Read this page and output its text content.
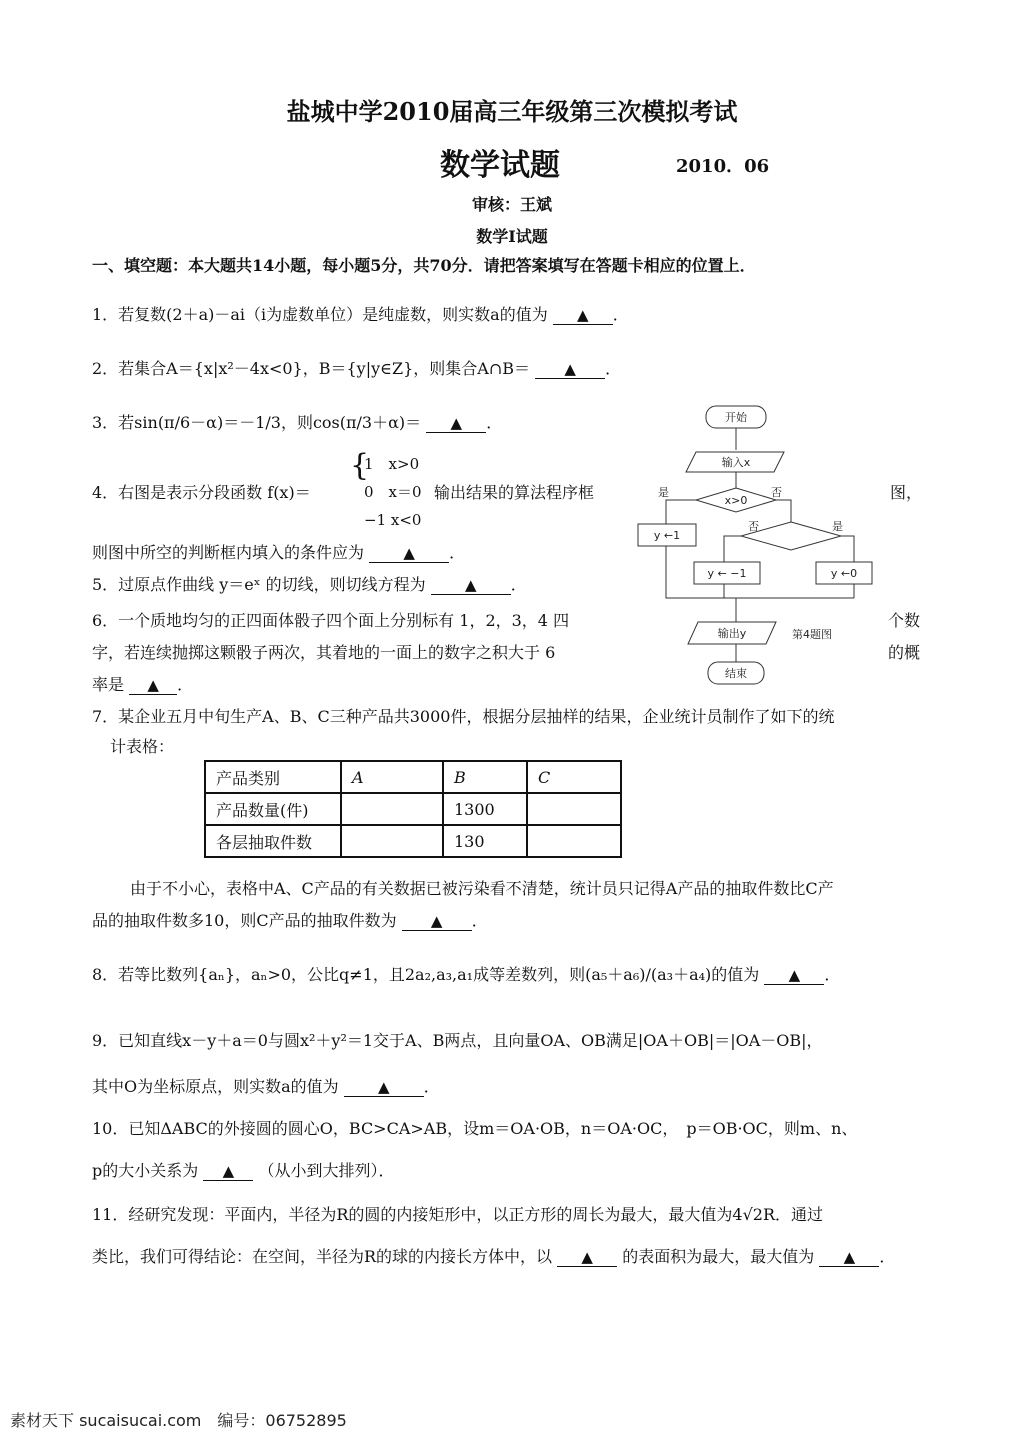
盐城中学2010届高三年级第三次模拟考试
数学试题	2010．06
审核：王斌
数学Ⅰ试题
一、填空题：本大题共14小题，每小题5分，共70分．请把答案填写在答题卡相应的位置上．
1．若复数(2＋a)－ai（i为虚数单位）是纯虚数，则实数a的值为 ▲ ．
2．若集合A＝{x|x²－4x<0}，B＝{y|y∈Z}，则集合A∩B＝ ▲ ．
3．若sin(π/6－α)＝－1/3，则cos(π/3＋α)＝ ▲ ．
4．右图是表示分段函数 f(x)＝
{
1　x>0
0　x＝0
−1 x<0
输出结果的算法程序框	图，
则图中所空的判断框内填入的条件应为	▲ ．
5．过原点作曲线 y＝eˣ 的切线，则切线方程为	▲ ．
6．一个质地均匀的正四面体骰子四个面上分别标有 1，2，3，4 四	个数
字，若连续抛掷这颗骰子两次，其着地的一面上的数字之积大于 6	的概
率是 ▲ ．
开始
输入x
x>0
是	否
否	是
y ←1
y ← −1	y ←0
输出y
结束
第4题图
7．某企业五月中旬生产A、B、C三种产品共3000件，根据分层抽样的结果，企业统计员制作了如下的统
计表格：
产品类别	A	B	C
产品数量(件)		1300	
各层抽取件数		130	
由于不小心，表格中A、C产品的有关数据已被污染看不清楚，统计员只记得A产品的抽取件数比C产
品的抽取件数多10，则C产品的抽取件数为 ▲ ．
8．若等比数列{aₙ}，aₙ>0，公比q≠1，且2a₂,a₃,a₁成等差数列，则(a₅＋a₆)/(a₃＋a₄)的值为 ▲ ．
9．已知直线x－y＋a＝0与圆x²＋y²＝1交于A、B两点，且向量OA、OB满足|OA＋OB|＝|OA－OB|，
其中O为坐标原点，则实数a的值为	▲ ．
10．已知ΔABC的外接圆的圆心O，BC>CA>AB，设m＝OA·OB，n＝OA·OC，　p＝OB·OC，则m、n、
p的大小关系为 ▲ （从小到大排列）．
11．经研究发现：平面内，半径为R的圆的内接矩形中，以正方形的周长为最大，最大值为4√2R．通过
类比，我们可得结论：在空间，半径为R的球的内接长方体中，以 ▲ 的表面积为最大，最大值为 ▲ ．
素材天下 sucaisucai.com　编号：06752895
